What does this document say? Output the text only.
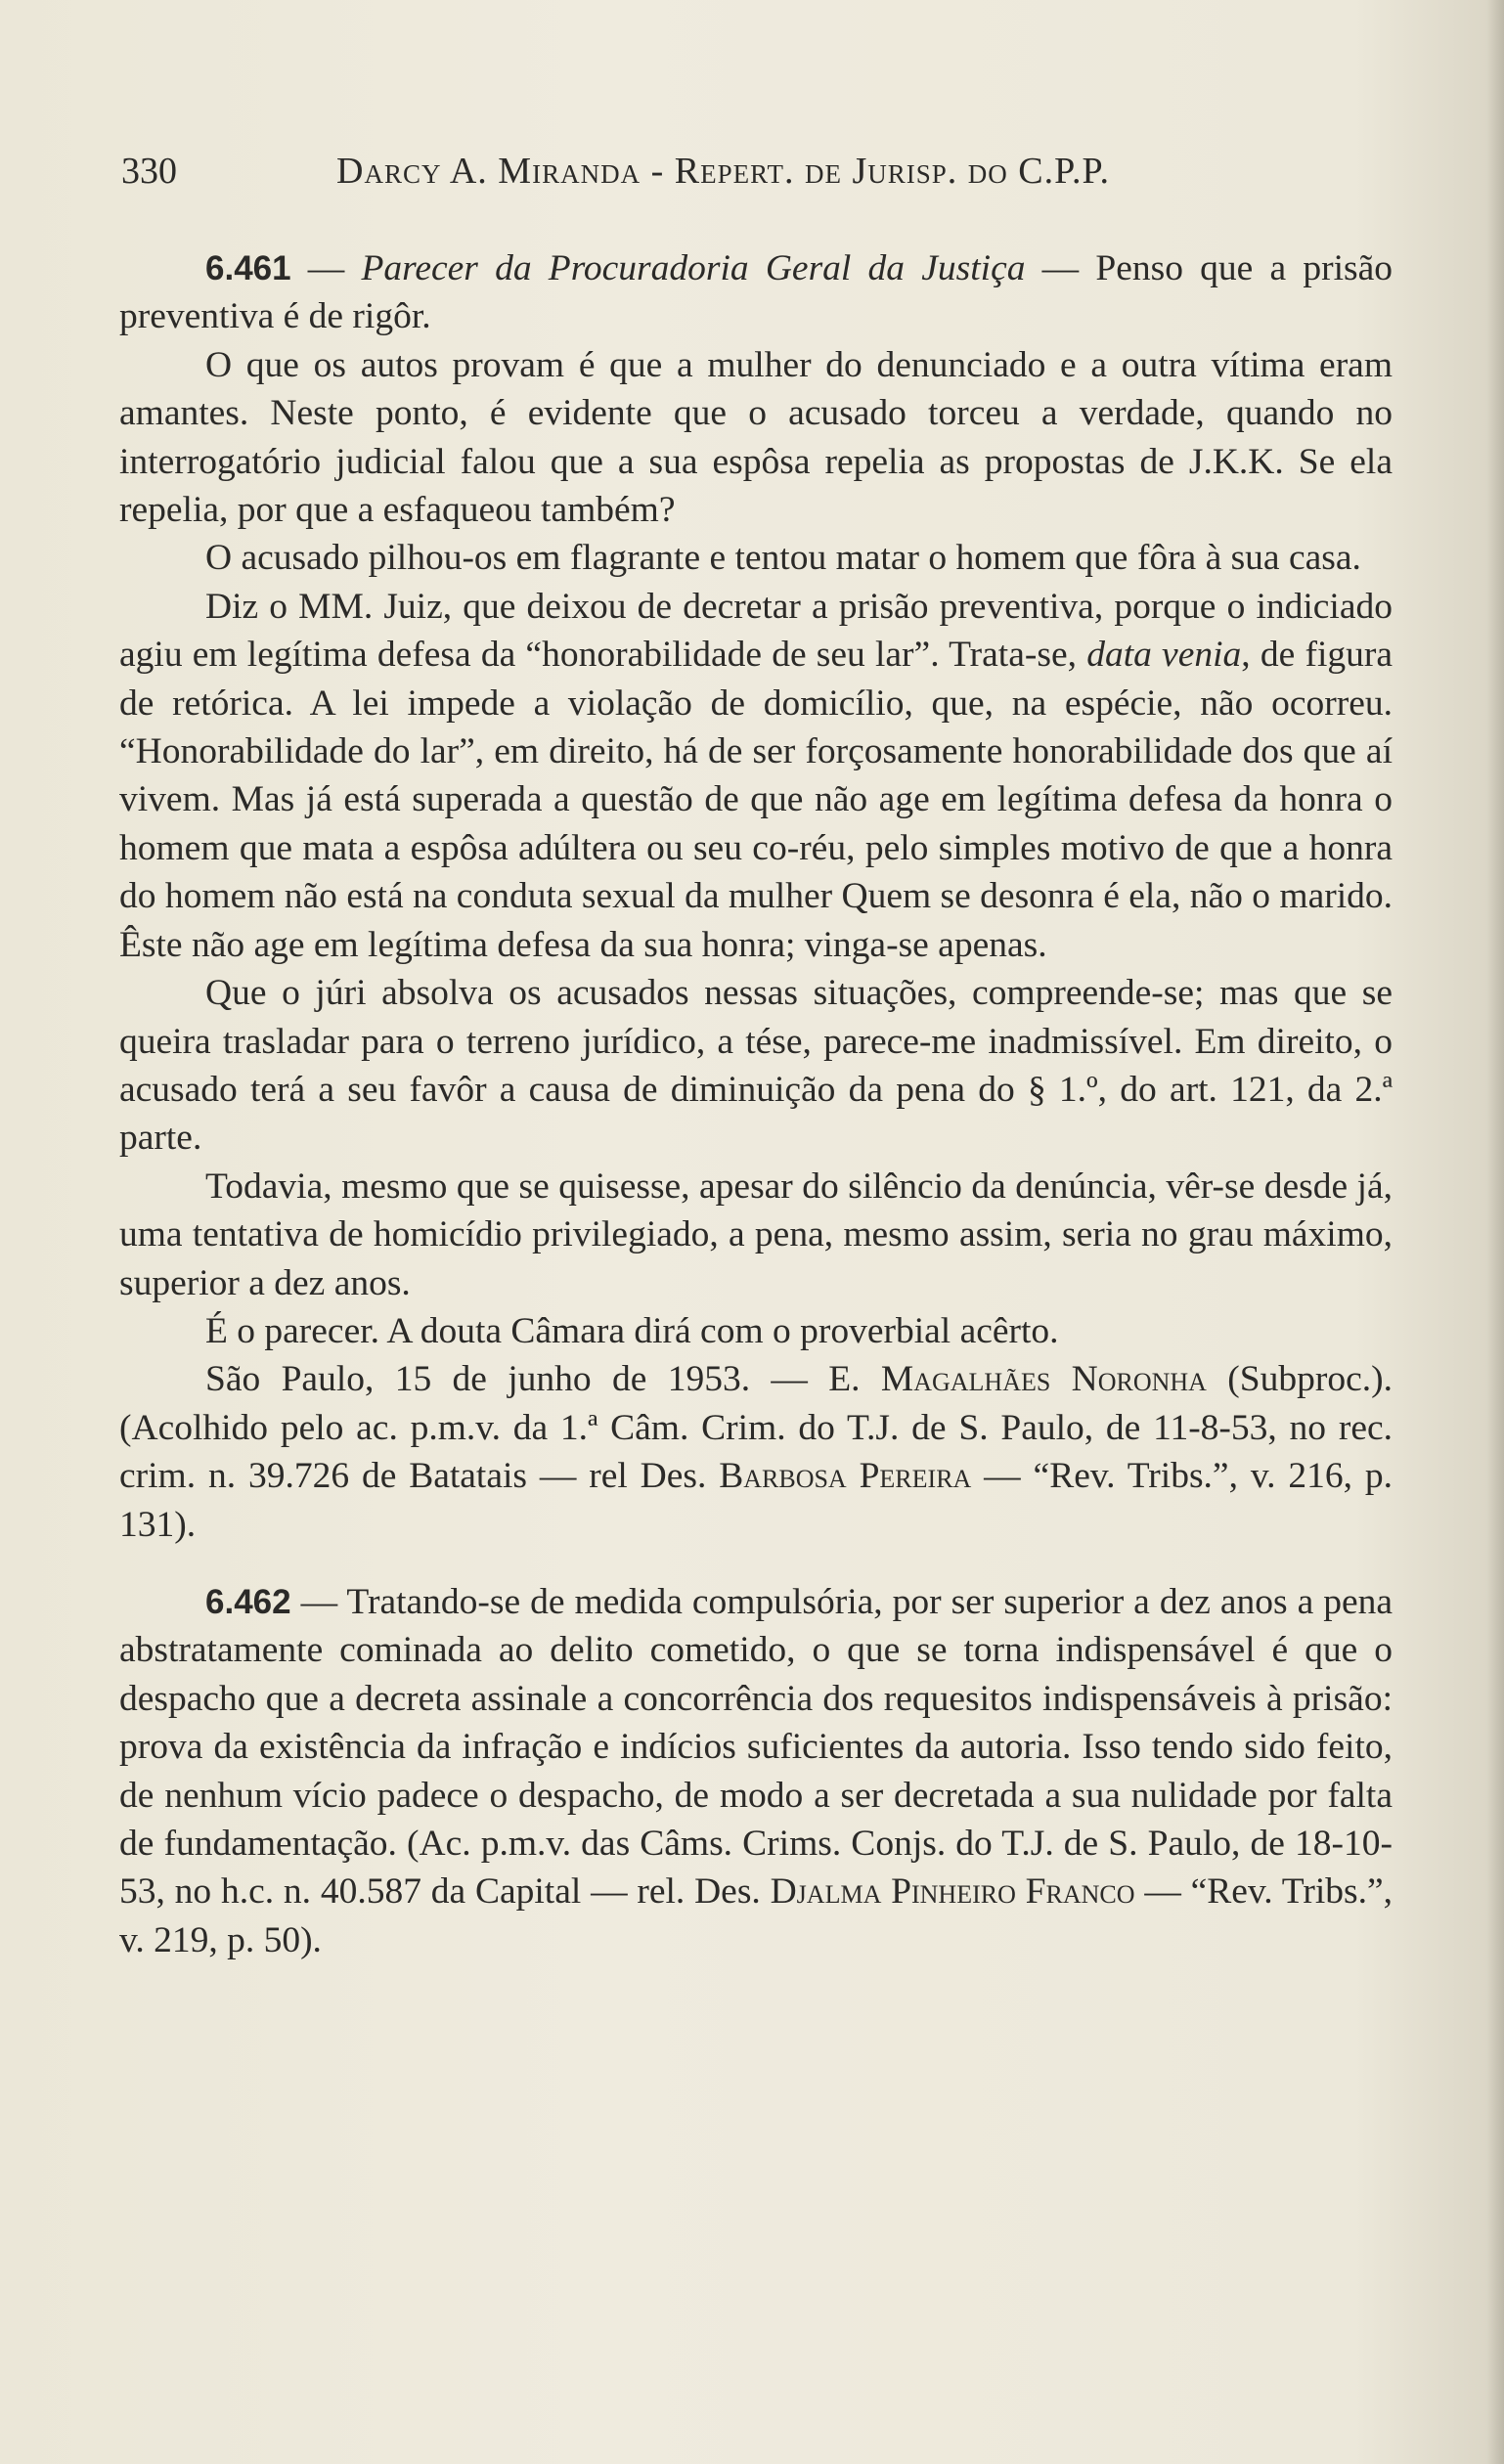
330	Darcy A. Miranda - Repert. de Jurisp. do C.P.P.

6.461 — Parecer da Procuradoria Geral da Justiça — Penso que a prisão preventiva é de rigôr.

O que os autos provam é que a mulher do denunciado e a outra vítima eram amantes. Neste ponto, é evidente que o acusado torceu a verdade, quando no interrogatório judicial falou que a sua espôsa repelia as propostas de J.K.K. Se ela repelia, por que a esfaqueou também?

O acusado pilhou-os em flagrante e tentou matar o homem que fôra à sua casa.

Diz o MM. Juiz, que deixou de decretar a prisão preventiva, porque o indiciado agiu em legítima defesa da “honorabilidade de seu lar”. Trata-se, data venia, de figura de retórica. A lei impede a violação de domicílio, que, na espécie, não ocorreu. “Honorabilidade do lar”, em direito, há de ser forçosamente honorabilidade dos que aí vivem. Mas já está superada a questão de que não age em legítima defesa da honra o homem que mata a espôsa adúltera ou seu co-réu, pelo simples motivo de que a honra do homem não está na conduta sexual da mulher Quem se desonra é ela, não o marido. Êste não age em legítima defesa da sua honra; vinga-se apenas.

Que o júri absolva os acusados nessas situações, compreende-se; mas que se queira trasladar para o terreno jurídico, a tése, parece-me inadmissível. Em direito, o acusado terá a seu favôr a causa de diminuição da pena do § 1.º, do art. 121, da 2.ª parte.

Todavia, mesmo que se quisesse, apesar do silêncio da denúncia, vêr-se desde já, uma tentativa de homicídio privilegiado, a pena, mesmo assim, seria no grau máximo, superior a dez anos.

É o parecer. A douta Câmara dirá com o proverbial acêrto.

São Paulo, 15 de junho de 1953. — E. Magalhães Noronha (Subproc.). (Acolhido pelo ac. p.m.v. da 1.ª Câm. Crim. do T.J. de S. Paulo, de 11-8-53, no rec. crim. n. 39.726 de Batatais — rel Des. Barbosa Pereira — “Rev. Tribs.”, v. 216, p. 131).

6.462 — Tratando-se de medida compulsória, por ser superior a dez anos a pena abstratamente cominada ao delito cometido, o que se torna indispensável é que o despacho que a decreta assinale a concorrência dos requesitos indispensáveis à prisão: prova da existência da infração e indícios suficientes da autoria. Isso tendo sido feito, de nenhum vício padece o despacho, de modo a ser decretada a sua nulidade por falta de fundamentação. (Ac. p.m.v. das Câms. Crims. Conjs. do T.J. de S. Paulo, de 18-10-53, no h.c. n. 40.587 da Capital — rel. Des. Djalma Pinheiro Franco — “Rev. Tribs.”, v. 219, p. 50).
